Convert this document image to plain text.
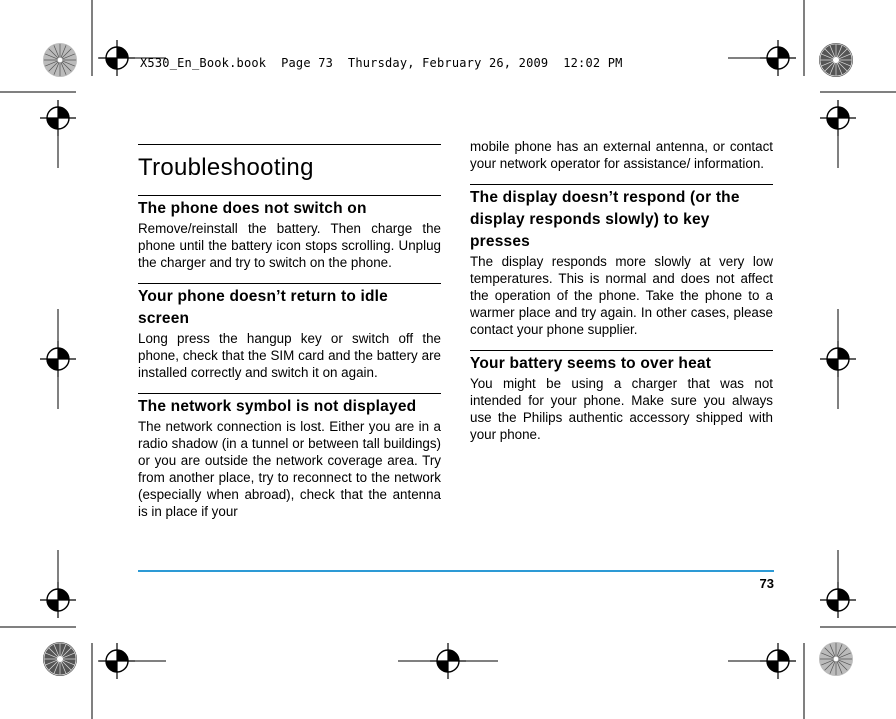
X530_En_Book.book  Page 73  Thursday, February 26, 2009  12:02 PM
Troubleshooting
The phone does not switch on

Remove/reinstall the battery. Then charge the phone until the battery icon stops scrolling. Unplug the charger and try to switch on the phone.

Your phone doesn’t return to idle screen

Long press the hangup key or switch off the phone, check that the SIM card and the battery are installed correctly and switch it on again.

The network symbol is not displayed

The network connection is lost. Either you are in a radio shadow (in a tunnel or between tall buildings) or you are outside the network coverage area. Try from another place, try to reconnect to the network (especially when abroad), check that the antenna is in place if your

mobile phone has an external antenna, or contact your network operator for assistance/ information.

The display doesn’t respond (or the display responds slowly) to key presses

The display responds more slowly at very low temperatures. This is normal and does not affect the operation of the phone. Take the phone to a warmer place and try again. In other cases, please contact your phone supplier.

Your battery seems to over heat

You might be using a charger that was not intended for your phone. Make sure you always use the Philips authentic accessory shipped with your phone.

73
